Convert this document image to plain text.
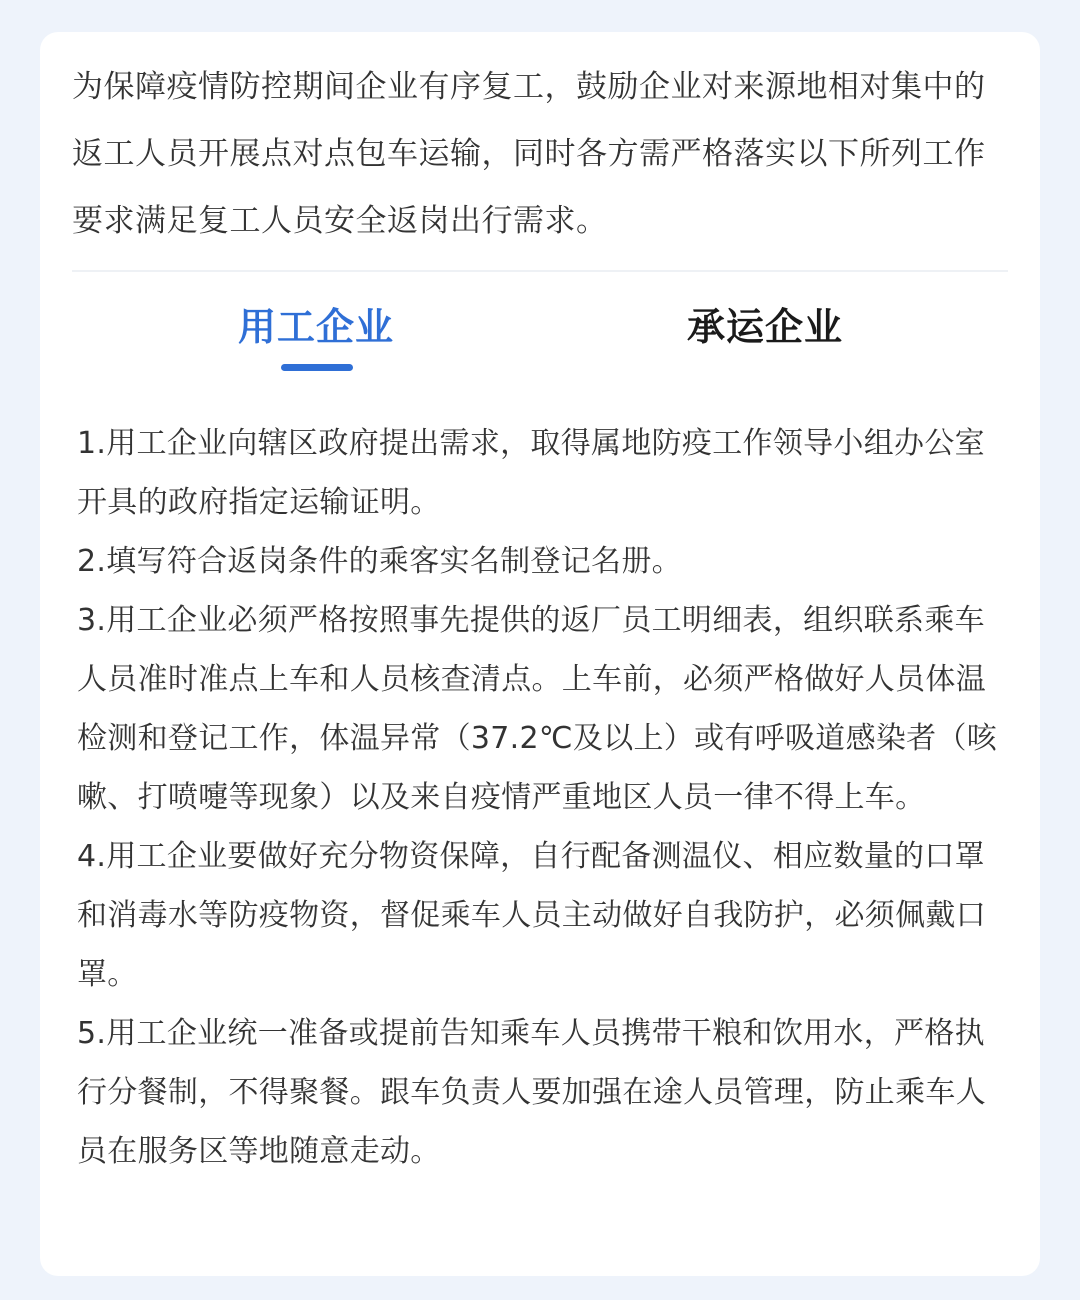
为保障疫情防控期间企业有序复工，鼓励企业对来源地相对集中的返工人员开展点对点包车运输，同时各方需严格落实以下所列工作要求满足复工人员安全返岗出行需求。

用工企业	承运企业
1.用工企业向辖区政府提出需求，取得属地防疫工作领导小组办公室开具的政府指定运输证明。
2.填写符合返岗条件的乘客实名制登记名册。
3.用工企业必须严格按照事先提供的返厂员工明细表，组织联系乘车人员准时准点上车和人员核查清点。上车前，必须严格做好人员体温检测和登记工作，体温异常（37.2℃及以上）或有呼吸道感染者（咳嗽、打喷嚏等现象）以及来自疫情严重地区人员一律不得上车。
4.用工企业要做好充分物资保障，自行配备测温仪、相应数量的口罩和消毒水等防疫物资，督促乘车人员主动做好自我防护，必须佩戴口罩。
5.用工企业统一准备或提前告知乘车人员携带干粮和饮用水，严格执行分餐制，不得聚餐。跟车负责人要加强在途人员管理，防止乘车人员在服务区等地随意走动。
